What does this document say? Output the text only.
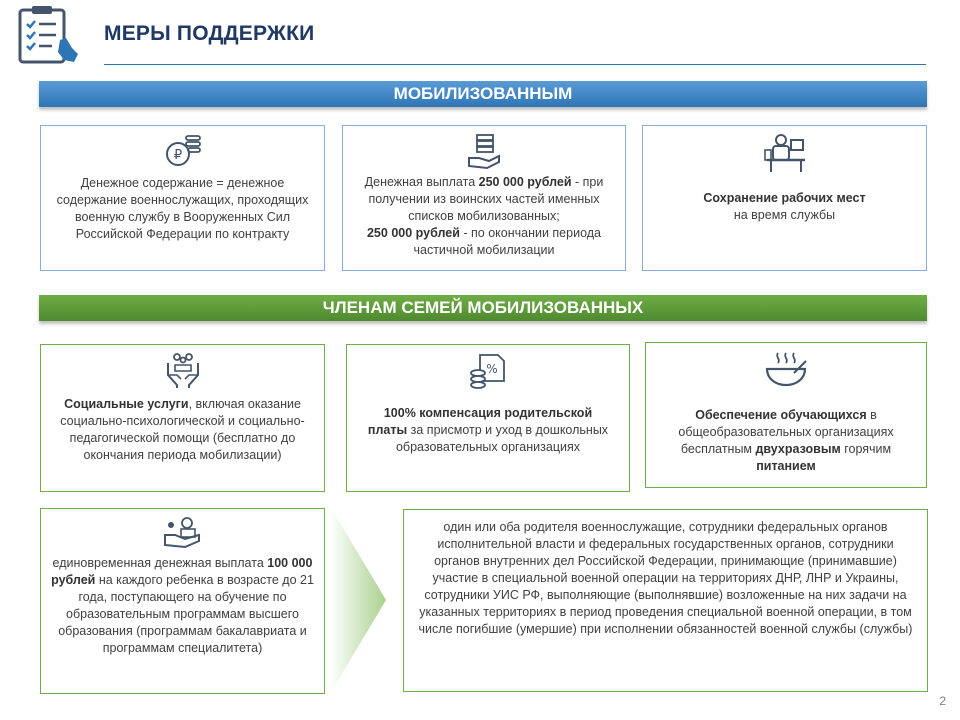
МЕРЫ ПОДДЕРЖКИ
МОБИЛИЗОВАННЫМ
₽
Денежное содержание = денежное содержание военнослужащих, проходящих военную службу в Вооруженных Сил Российской Федерации по контракту
Денежная выплата 250 000 рублей - при получении из воинских частей именных списков мобилизованных;
250 000 рублей - по окончании периода частичной мобилизации
Сохранение рабочих мест
на время службы
ЧЛЕНАМ СЕМЕЙ МОБИЛИЗОВАННЫХ
Социальные услуги, включая оказание социально-психологической и социально-педагогической помощи (бесплатно до окончания периода мобилизации)
%
100% компенсация родительской платы за присмотр и уход в дошкольных образовательных организациях
Обеспечение обучающихся в общеобразовательных организациях бесплатным двухразовым горячим питанием
единовременная денежная выплата 100 000 рублей на каждого ребенка в возрасте до 21 года, поступающего на обучение по образовательным программам высшего образования (программам бакалавриата и программам специалитета)
один или оба родителя военнослужащие, сотрудники федеральных органов исполнительной власти и федеральных государственных органов, сотрудники органов внутренних дел Российской Федерации, принимающие (принимавшие) участие в специальной военной операции на территориях ДНР, ЛНР и Украины, сотрудники УИС РФ, выполняющие (выполнявшие) возложенные на них задачи на указанных территориях в период проведения специальной военной операции, в том числе погибшие (умершие) при исполнении обязанностей военной службы (службы)
2
